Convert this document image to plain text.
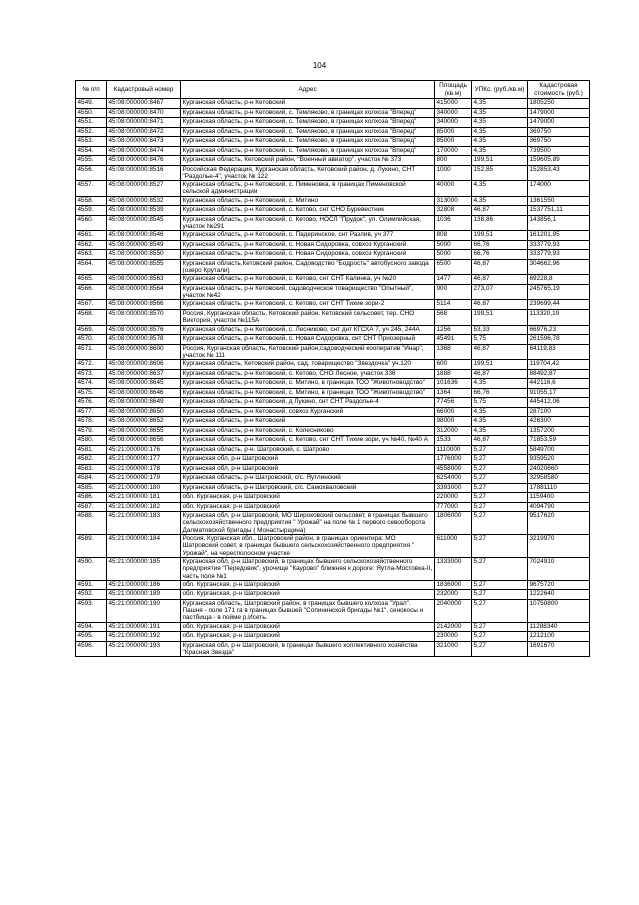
104
№ п/п	Кадастровый номер	Адрес	Площадь (кв.м)	УПКс. (руб./кв.м)	Кадастровая стоимость (руб.)
4549.	45:08:000000:8467	Курганская область, р-н Кетовский	415000	4,35	1805250
4550.	45:08:000000:8470	Курганская область, р-н Кетовский, с. Темляково, в границах колхоза "Вперед"	340000	4,35	1479000
4551.	45:08:000000:8471	Курганская область, р-н Кетовский, с. Темляково, в границах колхоза "Вперед"	340000	4,35	1479000
4552.	45:08:000000:8472	Курганская область, р-н Кетовский, с. Темляково, в границах колхоза "Вперед"	85000	4,35	369750
4553.	45:08:000000:8473	Курганская область, р-н Кетовский, с. Темляково, в границах колхоза "Вперед"	85000	4,35	369750
4554.	45:08:000000:8474	Курганская область, р-н Кетовский, с. Темляково, в границах колхоза "Вперед"	170000	4,35	739500
4555.	45:08:000000:8476	Курганская область, Кетовский район, "Военный авиатор", участок № 373	800	199,51	159605,89
4556.	45:08:000000:8516	Российская Федерация, Курганская область, Кетовский район, д. Лукино, СНТ "Раздолье-4", участок № 122	1000	152,85	152853,43
4557.	45:08:000000:8527	Курганская область, р-н Кетовский, с. Пименовка, в границах Пименовской сельской администрации	40000	4,35	174000
4558.	45:08:000000:8532	Курганская область, р-н Кетовский, с. Митино	313000	4,35	1361550
4559.	45:08:000000:8539	Курганская область, р-н Кетовский, с. Кетово, снт СНО Буревестник	32808	46,87	1537751,11
4560.	45:08:000000:8545	Курганская область, р-н Кетовский, с. Кетово, НОСЛ "Прудок", ул. Олимпийская, участок №291	1036	138,86	143856,1
4561.	45:08:000000:8546	Курганская область, р-н Кетовский, с. Падеринское, снт Разлив, уч 377	808	199,51	161201,95
4562.	45:08:000000:8549	Курганская область, р-н Кетовский, с. Новая Сидоровка, совхоз Курганский	5000	66,76	333779,93
4563.	45:08:000000:8550	Курганская область, р-н Кетовский, с. Новая Сидоровка, совхоз Курганский	5000	66,76	333779,93
4564.	45:08:000000:8555	Курганская область,Кетовский район, Садоводство "Бодрость" автобусного завода (озеро Крутали)	6500	46,87	304662,96
4565.	45:08:000000:8563	Курганская область, р-н Кетовский, с. Кетово, снт СНТ Калинка, уч №20	1477	46,87	69228,8
4566.	45:08:000000:8564	Курганская область, р-н Кетовский, садоводческое товарищество "Опытный", участок №42	900	273,07	245765,19
4567.	45:08:000000:8566	Курганская область, р-н Кетовский, с. Кетово, снт СНТ Тихие зори-2	5114	46,87	239699,44
4568.	45:08:000000:8570	Россия, Курганская область, Кетовский район, Кетовский сельсовет, тер. СНО Виктория, участок №115А	568	199,51	113320,19
4569.	45:08:000000:8576	Курганская область, р-н Кетовский, с. Лесниково, снт днт КГСХА 7, уч 245, 244А	1256	53,33	66976,23
4570.	45:08:000000:8578	Курганская область, р-н Кетовский, с. Новая Сидоровка, снт СНТ Приозерный	45491	5,75	261596,78
4571.	45:08:000000:8600	Россия, Курганская область, Кетовский район,садоводческий кооператив "Инар", участок № 111	1368	46,87	64119,83
4572.	45:08:000000:8606	Курганская область, Кетовский район, сад. товарищество "Звездочка" уч.120	600	199,51	119704,42
4573.	45:08:000000:8637	Курганская область, р-н Кетовский, с. Кетово, СНО Лесное, участок 336	1888	46,87	88492,87
4574.	45:08:000000:8645	Курганская область, р-н Кетовский, с. Митино, в границах ТОО "Животноводство"	101636	4,35	442116,6
4575.	45:08:000000:8646	Курганская область, р-н Кетовский, с. Митино, в границах ТОО "Животноводство"	1364	66,76	91055,17
4576.	45:08:000000:8649	Курганская область, р-н Кетовский, д Лукино, снт СНТ Раздолье-4	77456	5,75	445412,06
4577.	45:08:000000:8650	Курганская область, р-н Кетовский, совхоз Курганский	66000	4,35	287100
4578.	45:08:000000:8652	Курганская область, р-н Кетовский	98000	4,35	426300
4579.	45:08:000000:8655	Курганская область, р-н Кетовский, с. Колесниково	312000	4,35	1357200
4580.	45:08:000000:8656	Курганская область, р-н Кетовский, с. Кетово, снт СНТ Тихие зори, уч №40, №40 А	1533	46,87	71853,59
4581.	45:21:000000:176	Курганская область, р-н. Шатровский, с. Шатрово	1110000	5,27	5849700
4582.	45:21:000000:177	Курганская обл, р-н Шатровский	1776000	5,27	9359520
4583.	45:21:000000:178	Курганская обл, р-н Шатровский	4558000	5,27	24020660
4584.	45:21:000000:179	Курганская область, р-н Шатровский, с/с. Яутлинский	6254000	5,27	32958580
4585.	45:21:000000:180	Курганская область, р-н Шатровский, с/с. Самохваловский	3393000	5,27	17881110
4586.	45:21:000000:181	обл. Курганская, р-н Шатровский	220000	5,27	1159400
4587.	45:21:000000:182	обл. Курганская, р-н Шатровский	777000	5,27	4094790
4588.	45:21:000000:183	Курганская обл, р-н Шатровский, МО Широковский сельсовет, в границах бывшего сельскохозяйственного предприятия " Урожай" на поле № 1 первого севооборота Далматовской бригады ( Монастырщина)	1806000	5,27	9517620
4589.	45:21:000000:184	Россия, Курганская обл., Шатровский район, в границах ориентира: МО Шатровский совет, в границах бывшего сельскохозяйственного предприятия " Урожай", на чересполосном участке	611000	5,27	3219970
4590.	45:21:000000:185	Курганская обл, р-н Шатровский, в границах бывшего сельскохозяйственного предприятия "Передовик", урочище "Каурово" ближняя к дороге: Яутла-Мостовка-II, часть поля №1	1333000	5,27	7024910
4591.	45:21:000000:186	обл. Курганская, р-н Шатровский	1836000	5,27	9675720
4592.	45:21:000000:189	обл. Курганская, р-н Шатровский	232000	5,27	1222640
4593.	45:21:000000:190	Курганская область, Шатровский район, в границах бывшего колхоза "Урал". Пашня - поле 171 га в границах бывшей "Сопининской бригады №1", сенокосы и пастбища - в пойме р.Исеть.	2040000	5,27	10750800
4594.	45:21:000000:191	обл. Курганская, р-н Шатровский	2142000	5,27	11288340
4595.	45:21:000000:192	обл. Курганская, р-н Шатровский	230000	5,27	1212100
4596.	45:21:000000:193	Курганская обл, р-н Шатровский, в границах бывшего коллективного хозяйства "Красная Звезда"	321000	5,27	1691670
